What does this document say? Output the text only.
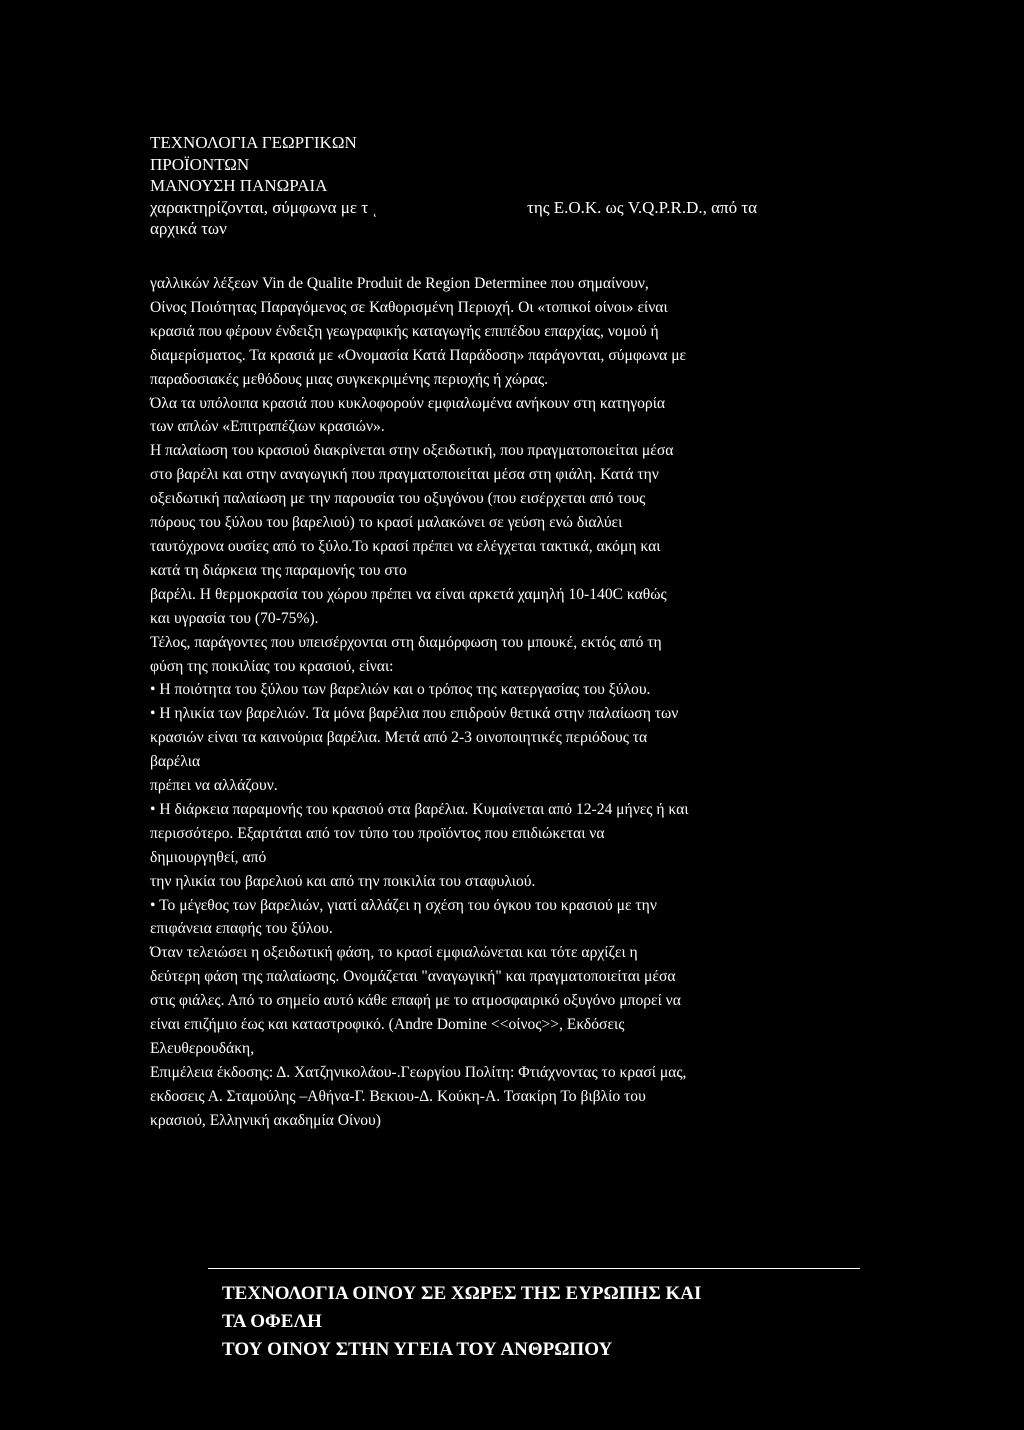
ΤΕΧΝΟΛΟΓΙΑ ΓΕΩΡΓΙΚΩΝ
ΠΡΟΪΟΝΤΩΝ
ΜΑΝΟΥΣΗ ΠΑΝΩΡΑΙΑ
χαρακτηρίζονται, σύμφωνα με τ ͺ	της Ε.Ο.Κ. ως V.Q.P.R.D., από τα
αρχικά των
γαλλικών λέξεων Vin de Qualite Produit de Region Determinee που σημαίνουν,
Οίνος Ποιότητας Παραγόμενος σε Καθορισμένη Περιοχή. Οι «τοπικοί οίνοι» είναι
κρασιά που φέρουν ένδειξη γεωγραφικής καταγωγής επιπέδου επαρχίας, νομού ή
διαμερίσματος. Τα κρασιά με «Ονομασία Κατά Παράδοση» παράγονται, σύμφωνα με
παραδοσιακές μεθόδους μιας συγκεκριμένης περιοχής ή χώρας.
Όλα τα υπόλοιπα κρασιά που κυκλοφορούν εμφιαλωμένα ανήκουν στη κατηγορία
των απλών «Επιτραπέζιων κρασιών».
Η παλαίωση του κρασιού διακρίνεται στην οξειδωτική, που πραγματοποιείται μέσα
στο βαρέλι και στην αναγωγική που πραγματοποιείται μέσα στη φιάλη. Κατά την
οξειδωτική παλαίωση με την παρουσία του οξυγόνου (που εισέρχεται από τους
πόρους του ξύλου του βαρελιού) το κρασί μαλακώνει σε γεύση ενώ διαλύει
ταυτόχρονα ουσίες από το ξύλο.Το κρασί πρέπει να ελέγχεται τακτικά, ακόμη και
κατά τη διάρκεια της παραμονής του στο
βαρέλι. Η θερμοκρασία του χώρου πρέπει να είναι αρκετά χαμηλή 10-140C καθώς
και υγρασία του (70-75%).
Τέλος, παράγοντες που υπεισέρχονται στη διαμόρφωση του μπουκέ, εκτός από τη
φύση της ποικιλίας του κρασιού, είναι:
• Η ποιότητα του ξύλου των βαρελιών και ο τρόπος της κατεργασίας του ξύλου.
• Η ηλικία των βαρελιών. Τα μόνα βαρέλια που επιδρούν θετικά στην παλαίωση των
κρασιών είναι τα καινούρια βαρέλια. Μετά από 2-3 οινοποιητικές περιόδους τα
βαρέλια
πρέπει να αλλάζουν.
• Η διάρκεια παραμονής του κρασιού στα βαρέλια. Κυμαίνεται από 12-24 μήνες ή και
περισσότερο. Εξαρτάται από τον τύπο του προϊόντος που επιδιώκεται να
δημιουργηθεί, από
την ηλικία του βαρελιού και από την ποικιλία του σταφυλιού.
• Το μέγεθος των βαρελιών, γιατί αλλάζει η σχέση του όγκου του κρασιού με την
επιφάνεια επαφής του ξύλου.
Όταν τελειώσει η οξειδωτική φάση, το κρασί εμφιαλώνεται και τότε αρχίζει η
δεύτερη φάση της παλαίωσης. Ονομάζεται "αναγωγική" και πραγματοποιείται μέσα
στις φιάλες. Από το σημείο αυτό κάθε επαφή με το ατμοσφαιρικό οξυγόνο μπορεί να
είναι επιζήμιο έως και καταστροφικό. (Andre Domine <<οίνος>>, Εκδόσεις
Ελευθερουδάκη,
Επιμέλεια έκδοσης: Δ. Χατζηνικολάου-.Γεωργίου Πολίτη: Φτιάχνοντας το κρασί μας,
εκδοσεις Α. Σταμούλης –Αθήνα-Γ. Βεκιου-Δ. Κούκη-Α. Τσακίρη Το βιβλίο του
κρασιού, Ελληνική ακαδημία Οίνου)
ΤΕΧΝΟΛΟΓΙΑ ΟΙΝΟΥ ΣΕ ΧΩΡΕΣ ΤΗΣ ΕΥΡΩΠΗΣ ΚΑΙ
ΤΑ ΟΦΕΛΗ
ΤΟΥ ΟΙΝΟΥ ΣΤΗΝ ΥΓΕΙΑ ΤΟΥ ΑΝΘΡΩΠΟΥ
